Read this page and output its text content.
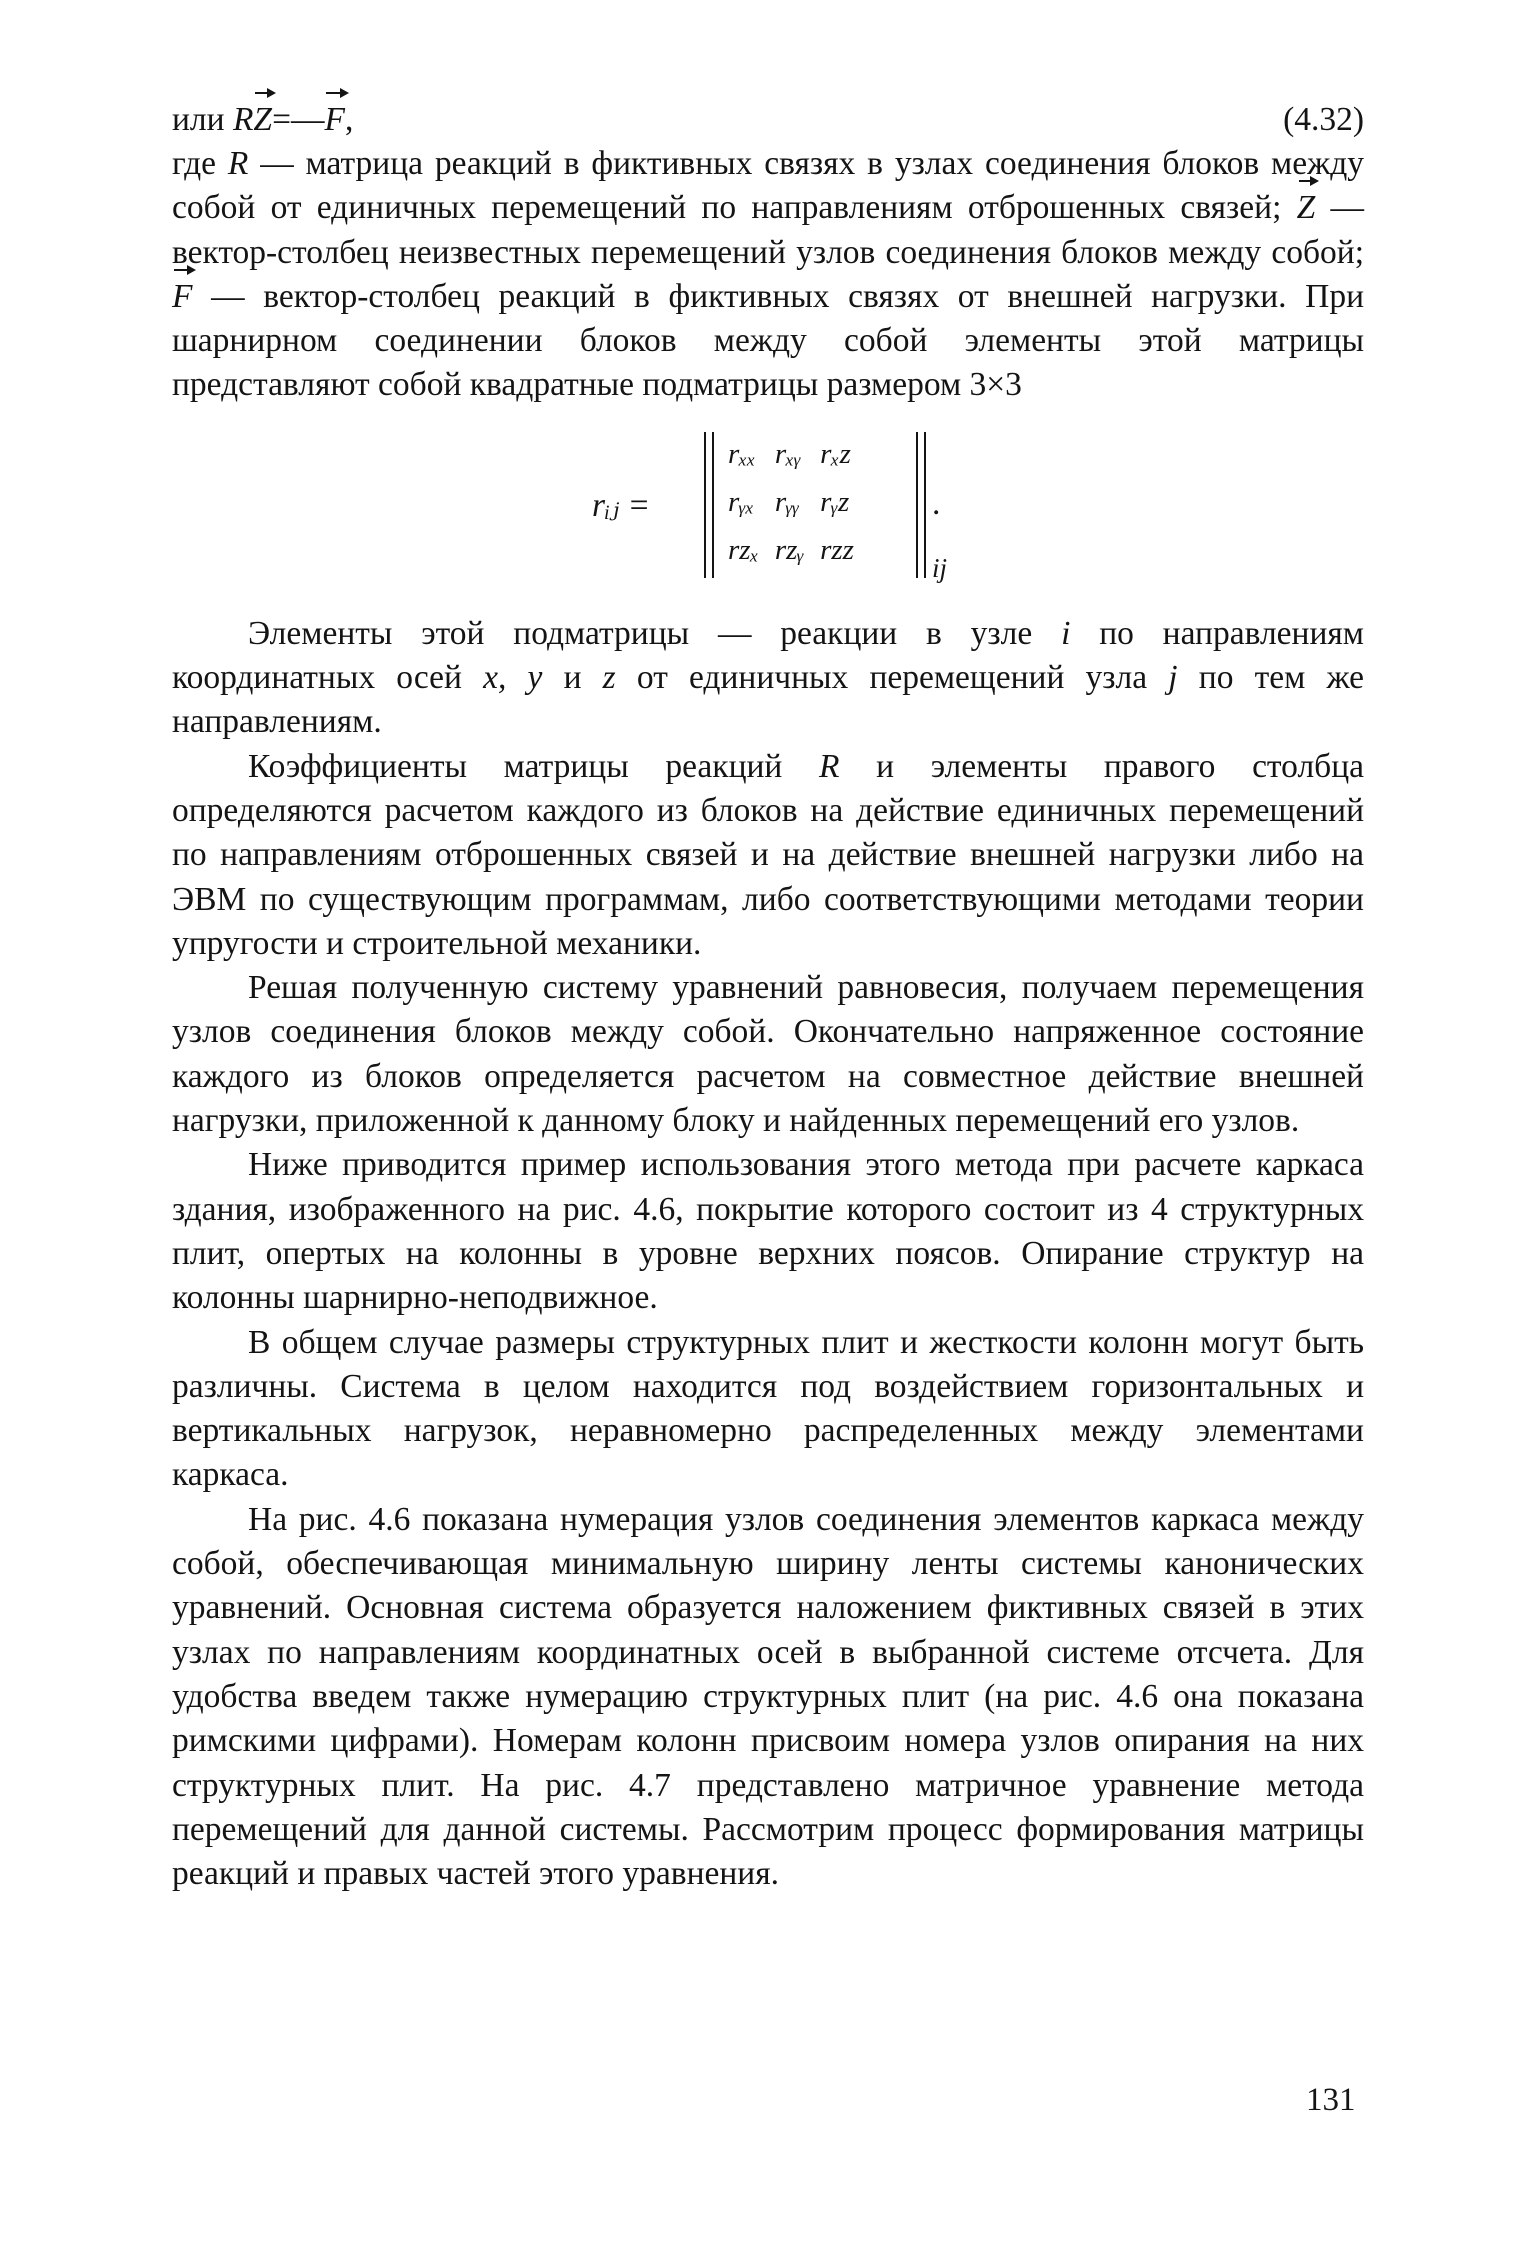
или RZ=—F,	(4.32)

где R — матрица реакций в фиктивных связях в узлах соединения блоков между собой от единичных перемещений по направлениям отброшенных связей; Z — вектор-столбец неизвестных перемещений узлов соединения блоков между собой; F — вектор-столбец реакций в фиктивных связях от внешней нагрузки. При шарнирном соединении блоков между собой элементы этой матрицы представляют собой квадратные подматрицы размером 3×3

rᵢⱼ =
rₓₓ	rₓᵧ	rₓz
rᵧₓ	rᵧᵧ	rᵧz
rzₓ	rzᵧ	rzz
.
ij

Элементы этой подматрицы — реакции в узле i по направлениям координатных осей x, y и z от единичных перемещений узла j по тем же направлениям.

Коэффициенты матрицы реакций R и элементы правого столбца определяются расчетом каждого из блоков на действие единичных перемещений по направлениям отброшенных связей и на действие внешней нагрузки либо на ЭВМ по существующим программам, либо соответствующими методами теории упругости и строительной механики.

Решая полученную систему уравнений равновесия, получаем перемещения узлов соединения блоков между собой. Окончательно напряженное состояние каждого из блоков определяется расчетом на совместное действие внешней нагрузки, приложенной к данному блоку и найденных перемещений его узлов.

Ниже приводится пример использования этого метода при расчете каркаса здания, изображенного на рис. 4.6, покрытие которого состоит из 4 структурных плит, опертых на колонны в уровне верхних поясов. Опирание структур на колонны шарнирно-неподвижное.

В общем случае размеры структурных плит и жесткости колонн могут быть различны. Система в целом находится под воздействием горизонтальных и вертикальных нагрузок, неравномерно распределенных между элементами каркаса.

На рис. 4.6 показана нумерация узлов соединения элементов каркаса между собой, обеспечивающая минимальную ширину ленты системы канонических уравнений. Основная система образуется наложением фиктивных связей в этих узлах по направлениям координатных осей в выбранной системе отсчета. Для удобства введем также нумерацию структурных плит (на рис. 4.6 она показана римскими цифрами). Номерам колонн присвоим номера узлов опирания на них структурных плит. На рис. 4.7 представлено матричное уравнение метода перемещений для данной системы. Рассмотрим процесс формирования матрицы реакций и правых частей этого уравнения.

131
